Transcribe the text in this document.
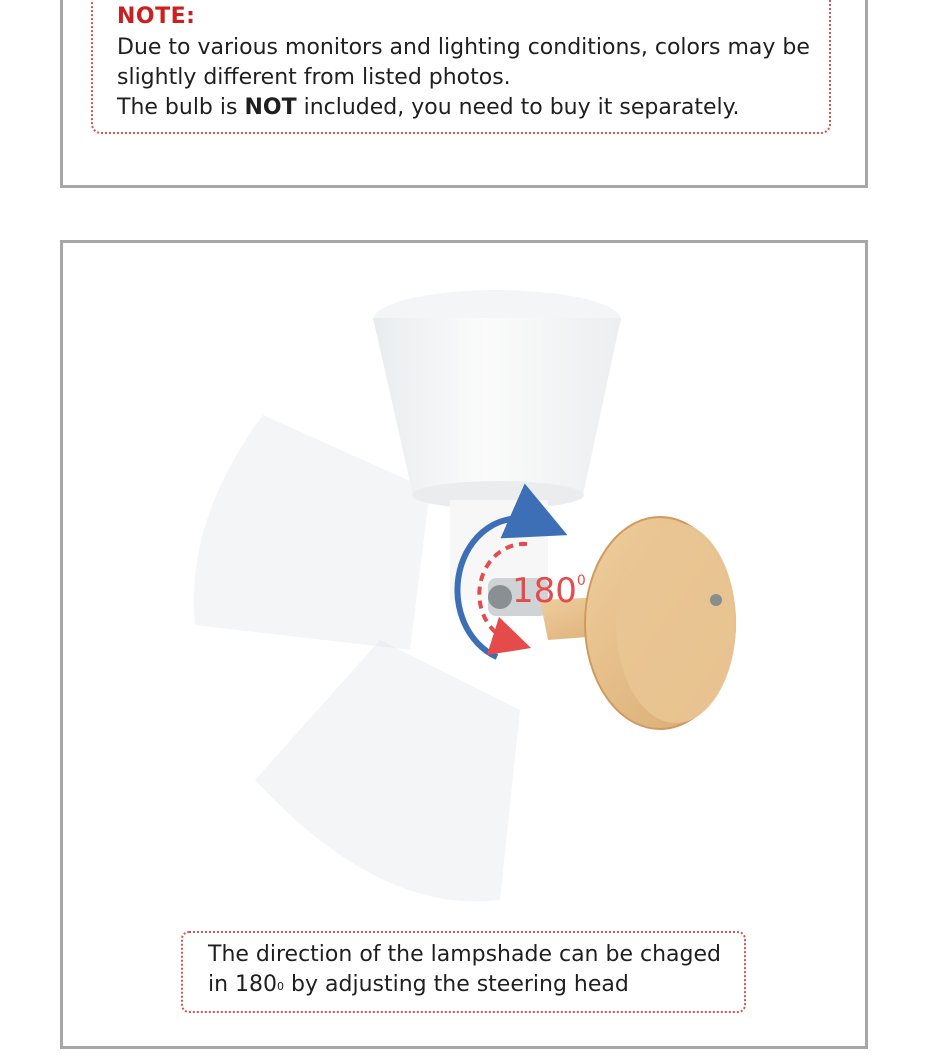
NOTE:

Due to various monitors and lighting conditions, colors may be

slightly different from listed photos.

The bulb is NOT included, you need to buy it separately.

$180^0$

The direction of the lampshade can be chaged

in $180^0$ by adjusting the steering head
